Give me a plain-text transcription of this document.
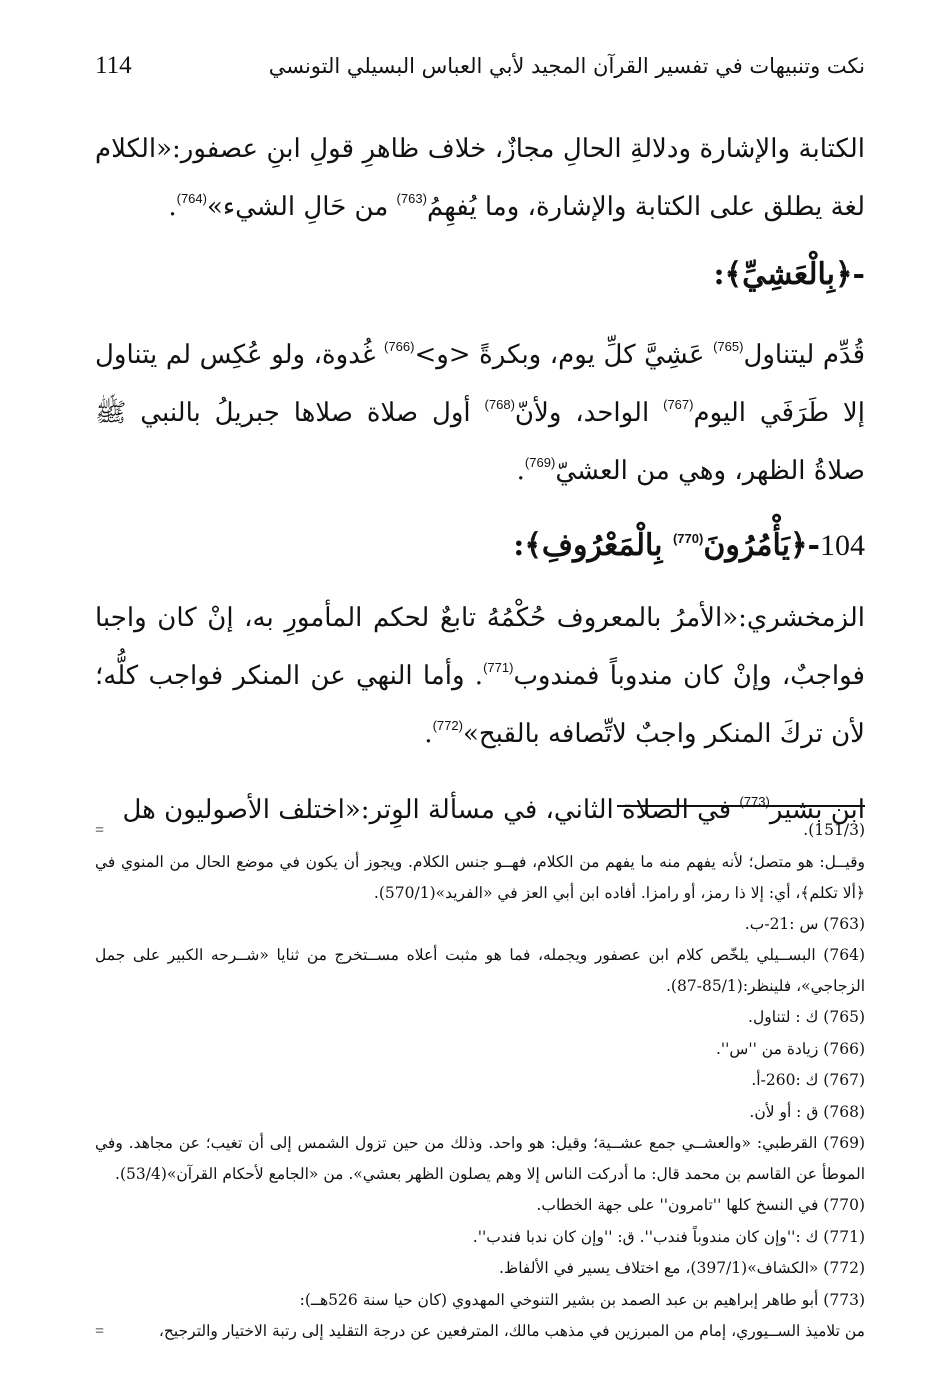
114	نكت وتنبيهات في تفسير القرآن المجيد لأبي العباس البسيلي التونسي

الكتابة والإشارة ودلالةِ الحالِ مجازٌ، خلاف ظاهرِ قولِ ابنِ عصفور:«الكلام لغة يطلق على الكتابة والإشارة، وما يُفهِمُ$^{(763)}$ من حَالِ الشيء»$^{(764)}$.

-﴿بِالْعَشِيِّ﴾:

قُدِّم ليتناول$^{(765)}$ عَشِيَّ كلِّ يوم، وبكرةً <و>$^{(766)}$ غُدوة، ولو عُكِس لم يتناول إلا طَرَفَي اليوم$^{(767)}$ الواحد، ولأنّ$^{(768)}$ أول صلاة صلاها جبريلُ بالنبي ﷺ صلاةُ الظهر، وهي من العشيّ$^{(769)}$.

104-﴿يَأْمُرُونَ$^{(770)}$ بِالْمَعْرُوفِ﴾:

الزمخشري:«الأمرُ بالمعروف حُكْمُهُ تابعٌ لحكم المأمورِ به، إنْ كان واجبا فواجبٌ، وإنْ كان مندوباً فمندوب$^{(771)}$. وأما النهي عن المنكر فواجب كلُّه؛ لأن تركَ المنكر واجبٌ لاتِّصافه بالقبح»$^{(772)}$.

ابن بشير$^{(773)}$ في الصلاة الثاني، في مسألة الوِتر:«اختلف الأصوليون هل

(151/3).
=
وقيــل: هو متصل؛ لأنه يفهم منه ما يفهم من الكلام، فهــو جنس الكلام. ويجوز أن يكون في موضع الحال من المنوي في ﴿ألا تكلم﴾، أي: إلا ذا رمز، أو رامزا. أفاده ابن أبي العز في «الفريد»(570/1).
(763) س :21-ب.
(764) البســيلي يلخّص كلام ابن عصفور ويجمله، فما هو مثبت أعلاه مســتخرج من ثنايا «شــرحه الكبير على جمل الزجاجي»، فلينظر:(85/1-87).
(765) ك : لتناول.
(766) زيادة من ''س''.
(767) ك :260-أ.
(768) ق : أو لأن.
(769) القرطبي: «والعشــي جمع عشــية؛ وقيل: هو واحد. وذلك من حين تزول الشمس إلى أن تغيب؛ عن مجاهد. وفي الموطأ عن القاسم بن محمد قال: ما أدركت الناس إلا وهم يصلون الظهر بعشي». من «الجامع لأحكام القرآن»(53/4).
(770) في النسخ كلها ''تامرون'' على جهة الخطاب.
(771) ك :''وإن كان مندوباً فندب''. ق: ''وإن كان ندبا فندب''.
(772) «الكشاف»(397/1)، مع اختلاف يسير في الألفاظ.
(773) أبو طاهر إبراهيم بن عبد الصمد بن بشير التنوخي المهدوي (كان حيا سنة 526هــ):
من تلاميذ الســيوري، إمام من المبرزين في مذهب مالك، المترفعين عن درجة التقليد إلى رتبة الاختيار والترجيح،
=
